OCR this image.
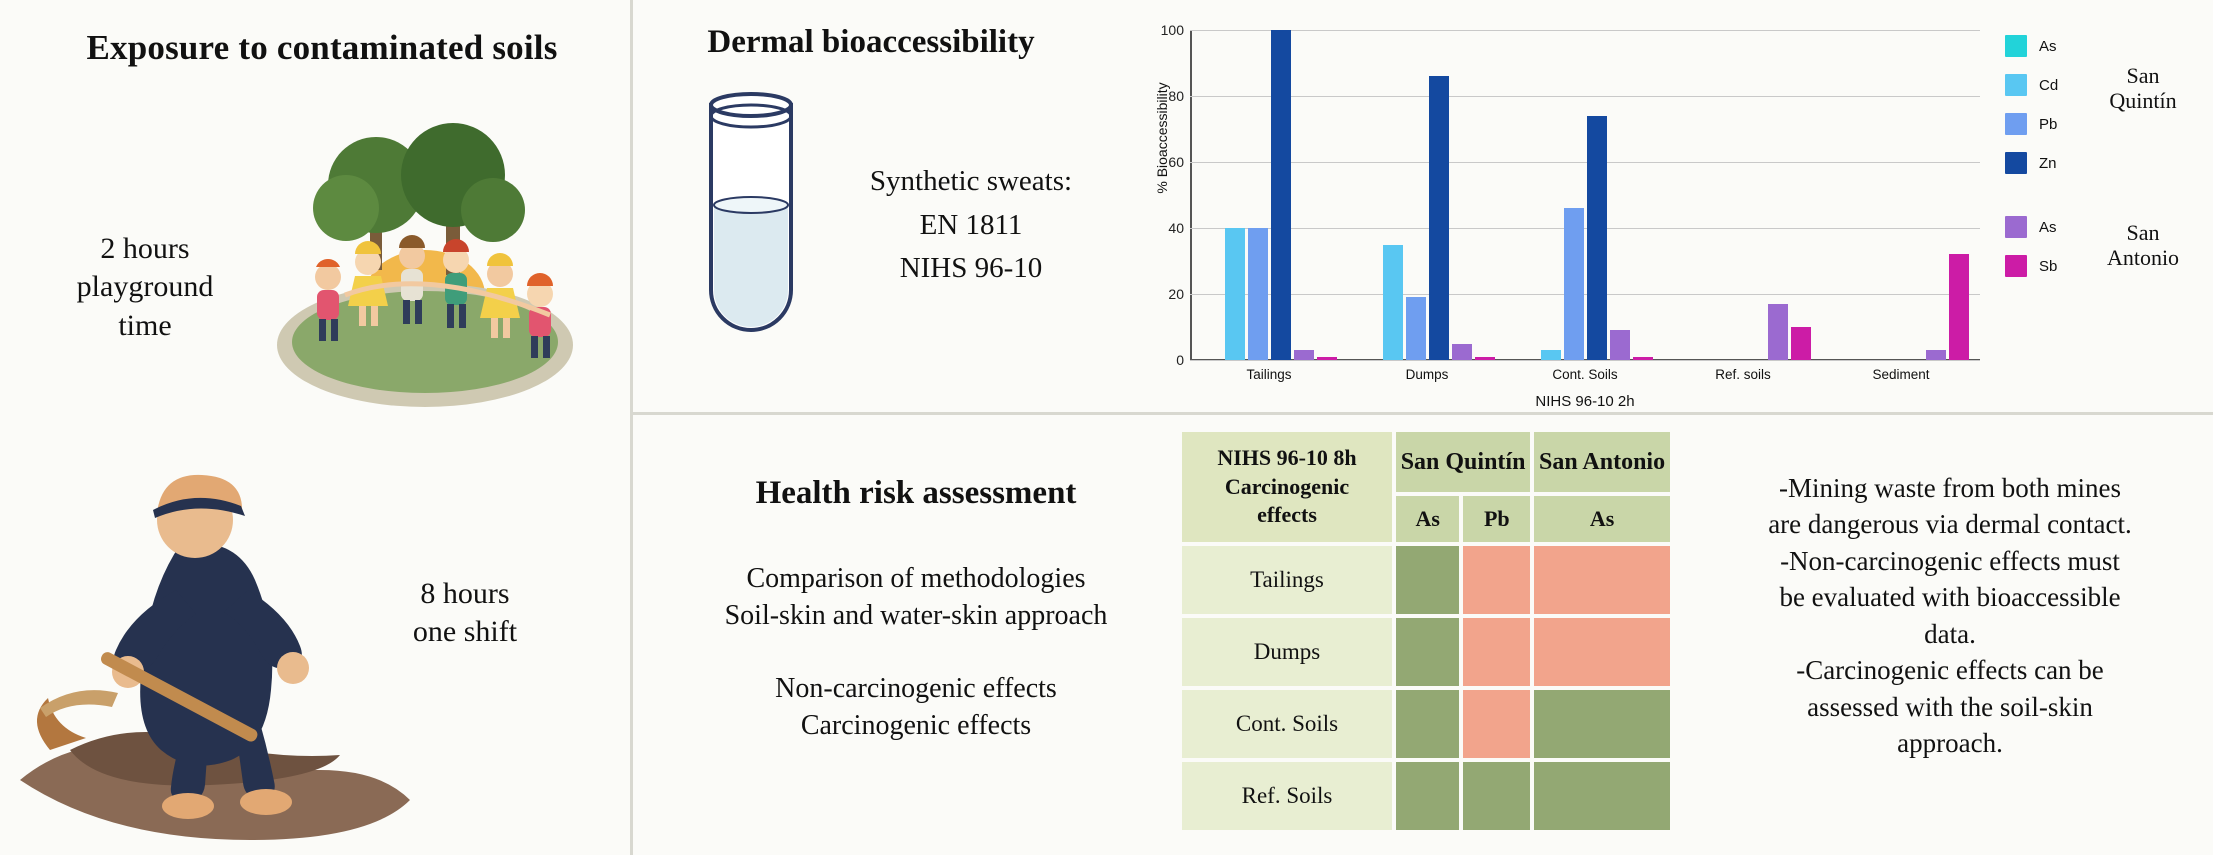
Exposure to contaminated soils
2 hours
playground
time
8 hours
one shift
Dermal bioaccessibility
Synthetic sweats:
EN 1811
NIHS 96-10
% Bioaccessibility
0
20
40
60
80
100
Tailings	Dumps	Cont. Soils	Ref. soils	Sediment
NIHS 96-10 2h
As
Cd
Pb
Zn
San
Quintín
As
Sb
San
Antonio
Health risk assessment

Comparison of methodologies
Soil-skin and water-skin approach

Non-carcinogenic effects
Carcinogenic effects

NIHS 96-10 8h
Carcinogenic
effects	San Quintín		San Antonio
	As	Pb	As
Tailings			
Dumps			
Cont. Soils			
Ref. Soils			
-Mining waste from both mines
are dangerous via dermal contact.
-Non-carcinogenic effects must
be evaluated with bioaccessible
data.
-Carcinogenic effects can be
assessed with the soil-skin
approach.
